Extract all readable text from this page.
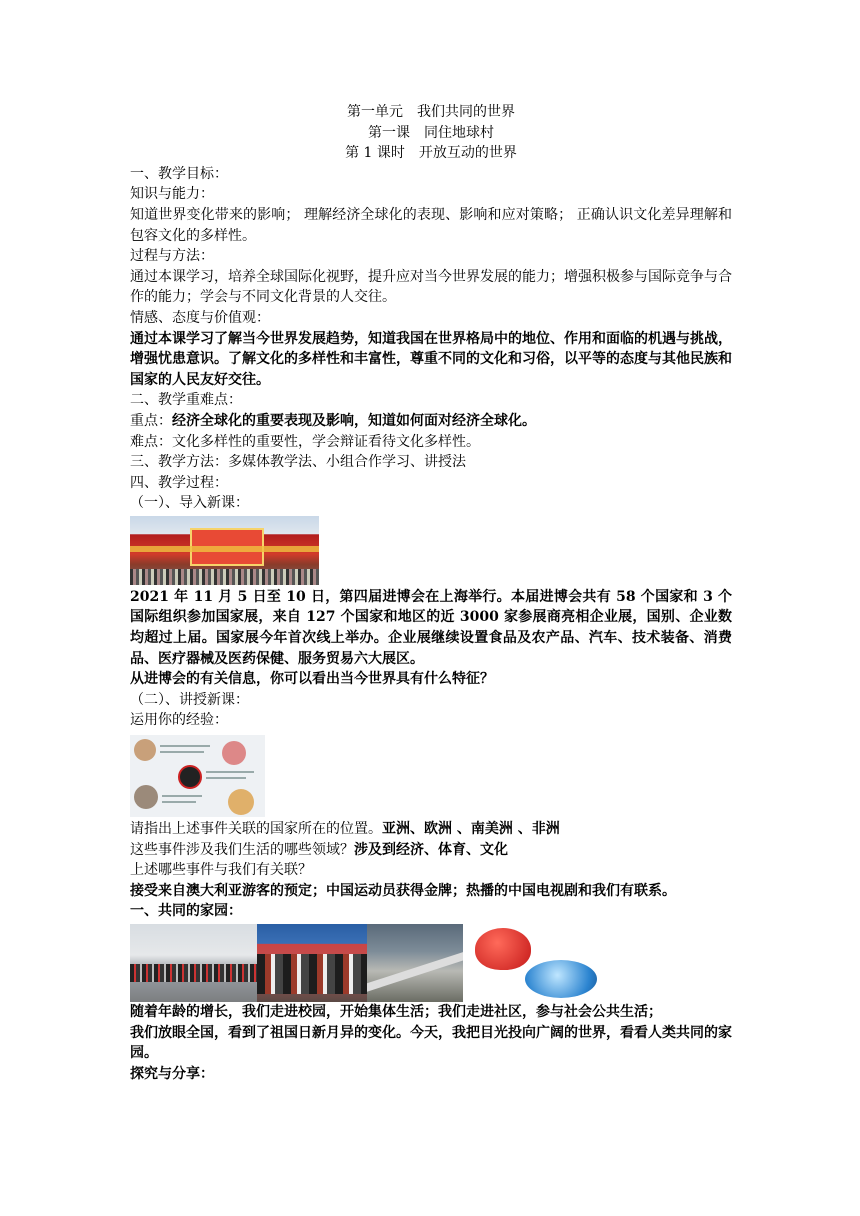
第一单元 我们共同的世界

第一课 同住地球村

第 1 课时 开放互动的世界

一、教学目标：

知识与能力：

知道世界变化带来的影响； 理解经济全球化的表现、影响和应对策略； 正确认识文化差异理解和包容文化的多样性。

过程与方法：

通过本课学习，培养全球国际化视野，提升应对当今世界发展的能力；增强积极参与国际竞争与合作的能力；学会与不同文化背景的人交往。

情感、态度与价值观：

通过本课学习了解当今世界发展趋势，知道我国在世界格局中的地位、作用和面临的机遇与挑战，增强忧患意识。了解文化的多样性和丰富性，尊重不同的文化和习俗，以平等的态度与其他民族和国家的人民友好交往。

二、教学重难点：

重点：经济全球化的重要表现及影响，知道如何面对经济全球化。

难点：文化多样性的重要性，学会辩证看待文化多样性。

三、教学方法：多媒体教学法、小组合作学习、讲授法

四、教学过程：

（一）、导入新课：

2021 年 11 月 5 日至 10 日，第四届进博会在上海举行。本届进博会共有 58 个国家和 3 个国际组织参加国家展，来自 127 个国家和地区的近 3000 家参展商亮相企业展，国别、企业数均超过上届。国家展今年首次线上举办。企业展继续设置食品及农产品、汽车、技术装备、消费品、医疗器械及医药保健、服务贸易六大展区。

从进博会的有关信息，你可以看出当今世界具有什么特征？

（二）、讲授新课：

运用你的经验：

请指出上述事件关联的国家所在的位置。亚洲、欧洲 、南美洲 、非洲

这些事件涉及我们生活的哪些领域？涉及到经济、体育、文化

上述哪些事件与我们有关联？

接受来自澳大利亚游客的预定；中国运动员获得金牌；热播的中国电视剧和我们有联系。

一、共同的家园：

随着年龄的增长，我们走进校园，开始集体生活；我们走进社区，参与社会公共生活；

我们放眼全国，看到了祖国日新月异的变化。今天，我把目光投向广阔的世界，看看人类共同的家园。

探究与分享：
